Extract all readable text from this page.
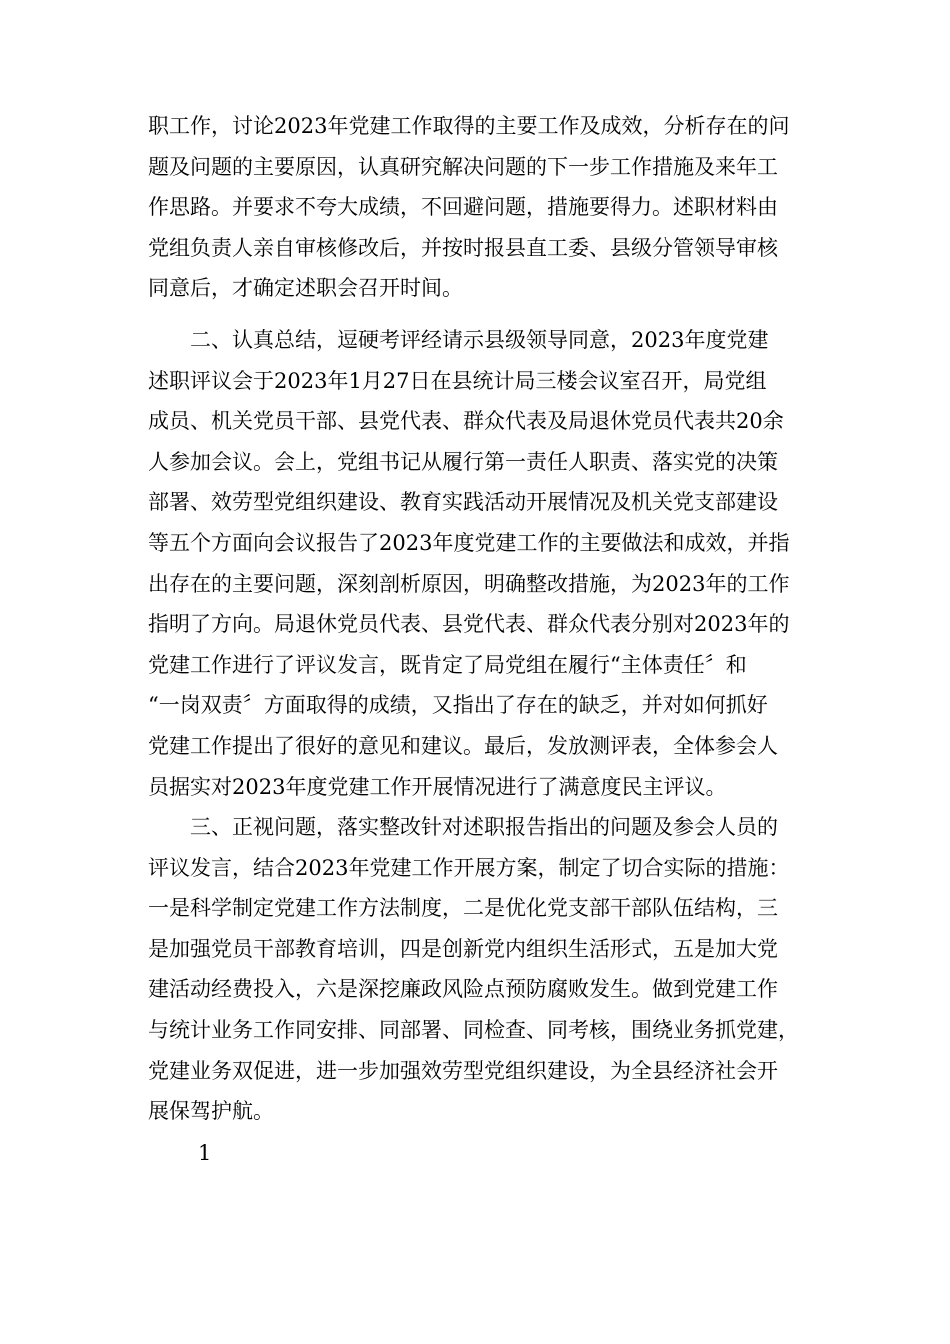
职工作，讨论2023年党建工作取得的主要工作及成效，分析存在的问
题及问题的主要原因，认真研究解决问题的下一步工作措施及来年工
作思路。并要求不夸大成绩，不回避问题，措施要得力。述职材料由
党组负责人亲自审核修改后，并按时报县直工委、县级分管领导审核
同意后，才确定述职会召开时间。
　　二、认真总结，逗硬考评经请示县级领导同意，2023年度党建
述职评议会于2023年1月27日在县统计局三楼会议室召开，局党组
成员、机关党员干部、县党代表、群众代表及局退休党员代表共20余
人参加会议。会上，党组书记从履行第一责任人职责、落实党的决策
部署、效劳型党组织建设、教育实践活动开展情况及机关党支部建设
等五个方面向会议报告了2023年度党建工作的主要做法和成效，并指
出存在的主要问题，深刻剖析原因，明确整改措施，为2023年的工作
指明了方向。局退休党员代表、县党代表、群众代表分别对2023年的
党建工作进行了评议发言，既肯定了局党组在履行“主体责任〞和
“一岗双责〞方面取得的成绩，又指出了存在的缺乏，并对如何抓好
党建工作提出了很好的意见和建议。最后，发放测评表，全体参会人
员据实对2023年度党建工作开展情况进行了满意度民主评议。
　　三、正视问题，落实整改针对述职报告指出的问题及参会人员的
评议发言，结合2023年党建工作开展方案，制定了切合实际的措施：
一是科学制定党建工作方法制度，二是优化党支部干部队伍结构，三
是加强党员干部教育培训，四是创新党内组织生活形式，五是加大党
建活动经费投入，六是深挖廉政风险点预防腐败发生。做到党建工作
与统计业务工作同安排、同部署、同检查、同考核，围绕业务抓党建，
党建业务双促进，进一步加强效劳型党组织建设，为全县经济社会开
展保驾护航。
1
